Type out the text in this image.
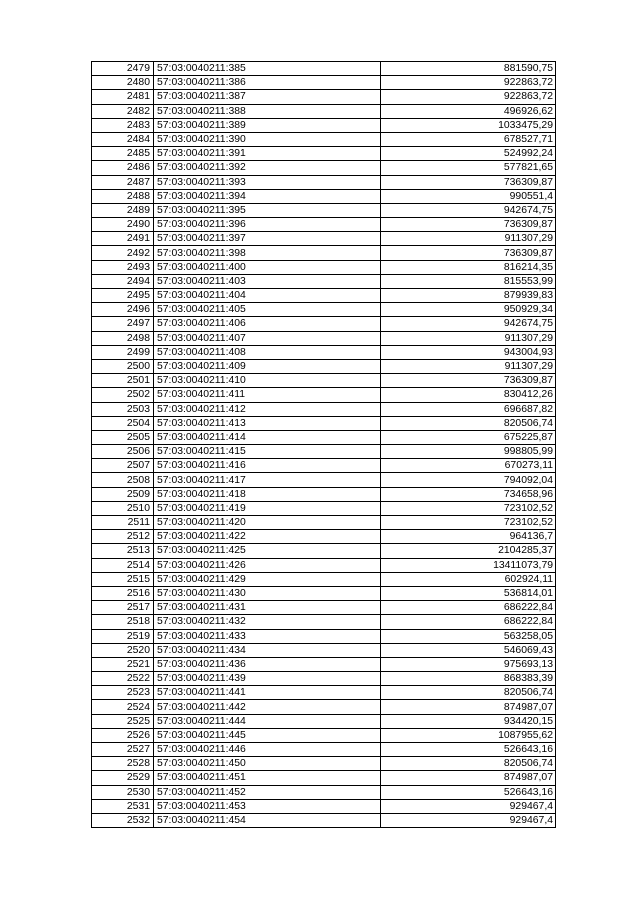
2479	57:03:0040211:385	881590,75
2480	57:03:0040211:386	922863,72
2481	57:03:0040211:387	922863,72
2482	57:03:0040211:388	496926,62
2483	57:03:0040211:389	1033475,29
2484	57:03:0040211:390	678527,71
2485	57:03:0040211:391	524992,24
2486	57:03:0040211:392	577821,65
2487	57:03:0040211:393	736309,87
2488	57:03:0040211:394	990551,4
2489	57:03:0040211:395	942674,75
2490	57:03:0040211:396	736309,87
2491	57:03:0040211:397	911307,29
2492	57:03:0040211:398	736309,87
2493	57:03:0040211:400	816214,35
2494	57:03:0040211:403	815553,99
2495	57:03:0040211:404	879939,83
2496	57:03:0040211:405	950929,34
2497	57:03:0040211:406	942674,75
2498	57:03:0040211:407	911307,29
2499	57:03:0040211:408	943004,93
2500	57:03:0040211:409	911307,29
2501	57:03:0040211:410	736309,87
2502	57:03:0040211:411	830412,26
2503	57:03:0040211:412	696687,82
2504	57:03:0040211:413	820506,74
2505	57:03:0040211:414	675225,87
2506	57:03:0040211:415	998805,99
2507	57:03:0040211:416	670273,11
2508	57:03:0040211:417	794092,04
2509	57:03:0040211:418	734658,96
2510	57:03:0040211:419	723102,52
2511	57:03:0040211:420	723102,52
2512	57:03:0040211:422	964136,7
2513	57:03:0040211:425	2104285,37
2514	57:03:0040211:426	13411073,79
2515	57:03:0040211:429	602924,11
2516	57:03:0040211:430	536814,01
2517	57:03:0040211:431	686222,84
2518	57:03:0040211:432	686222,84
2519	57:03:0040211:433	563258,05
2520	57:03:0040211:434	546069,43
2521	57:03:0040211:436	975693,13
2522	57:03:0040211:439	868383,39
2523	57:03:0040211:441	820506,74
2524	57:03:0040211:442	874987,07
2525	57:03:0040211:444	934420,15
2526	57:03:0040211:445	1087955,62
2527	57:03:0040211:446	526643,16
2528	57:03:0040211:450	820506,74
2529	57:03:0040211:451	874987,07
2530	57:03:0040211:452	526643,16
2531	57:03:0040211:453	929467,4
2532	57:03:0040211:454	929467,4
